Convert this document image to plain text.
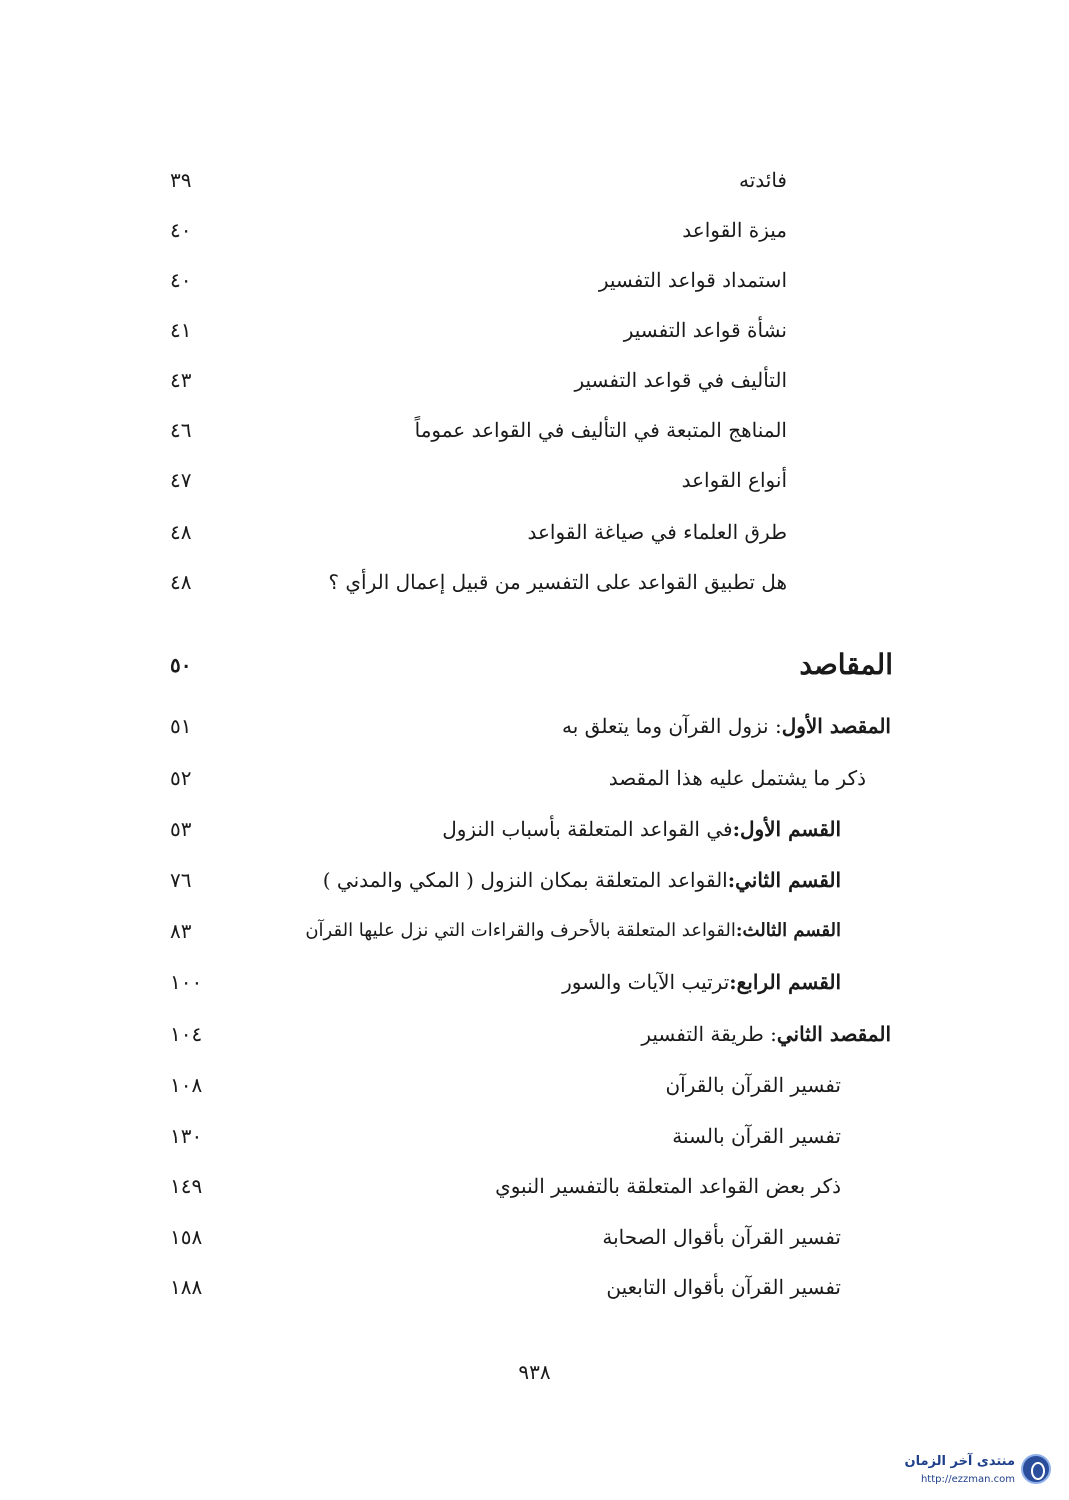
فائدته
٣٩
ميزة القواعد
٤٠
استمداد قواعد التفسير
٤٠
نشأة قواعد التفسير
٤١
التأليف في قواعد التفسير
٤٣
المناهج المتبعة في التأليف في القواعد عموماً
٤٦
أنواع القواعد
٤٧
طرق العلماء في صياغة القواعد
٤٨
هل تطبيق القواعد على التفسير من قبيل إعمال الرأي ؟
٤٨
المقاصد
٥٠
المقصد الأول: نزول القرآن وما يتعلق به
٥١
ذكر ما يشتمل عليه هذا المقصد
٥٢
القسم الأول:في القواعد المتعلقة بأسباب النزول
٥٣
القسم الثاني:القواعد المتعلقة بمكان النزول ( المكي والمدني )
٧٦
القسم الثالث:القواعد المتعلقة بالأحرف والقراءات التي نزل عليها القرآن
٨٣
القسم الرابع:ترتيب الآيات والسور
١٠٠
المقصد الثاني: طريقة التفسير
١٠٤
تفسير القرآن بالقرآن
١٠٨
تفسير القرآن بالسنة
١٣٠
ذكر بعض القواعد المتعلقة بالتفسير النبوي
١٤٩
تفسير القرآن بأقوال الصحابة
١٥٨
تفسير القرآن بأقوال التابعين
١٨٨
٩٣٨
منتدى آخر الزمان
http://ezzman.com
